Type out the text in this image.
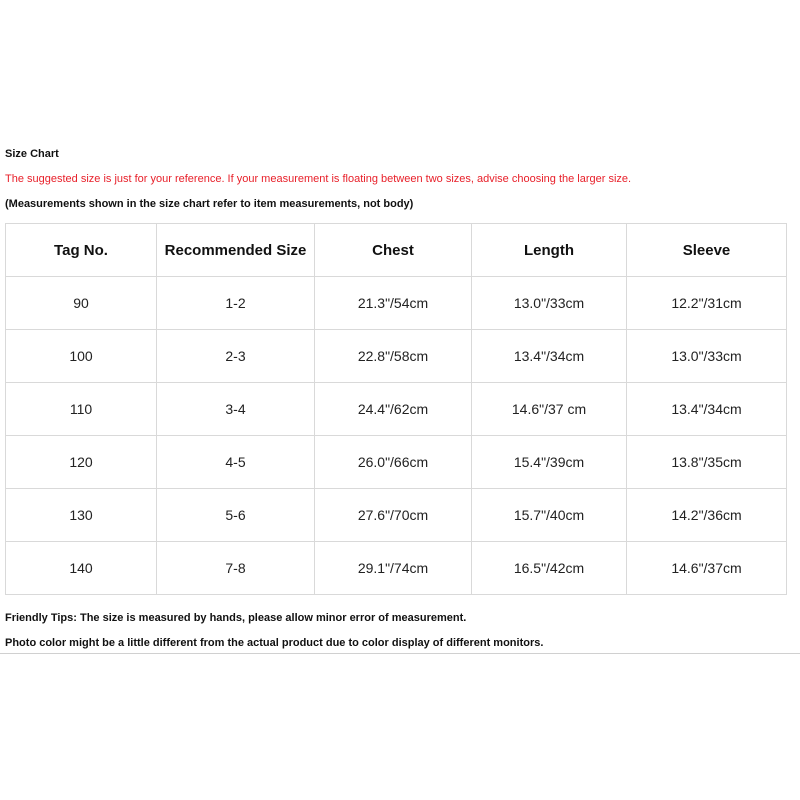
Size Chart
The suggested size is just for your reference. If your measurement is floating between two sizes, advise choosing the larger size.
(Measurements shown in the size chart refer to item measurements, not body)
Tag No.	Recommended Size	Chest	Length	Sleeve
90	1-2	21.3"/54cm	13.0"/33cm	12.2"/31cm
100	2-3	22.8"/58cm	13.4"/34cm	13.0"/33cm
110	3-4	24.4"/62cm	14.6"/37 cm	13.4"/34cm
120	4-5	26.0"/66cm	15.4"/39cm	13.8"/35cm
130	5-6	27.6"/70cm	15.7"/40cm	14.2"/36cm
140	7-8	29.1"/74cm	16.5"/42cm	14.6"/37cm
Friendly Tips: The size is measured by hands, please allow minor error of measurement.
Photo color might be a little different from the actual product due to color display of different monitors.
